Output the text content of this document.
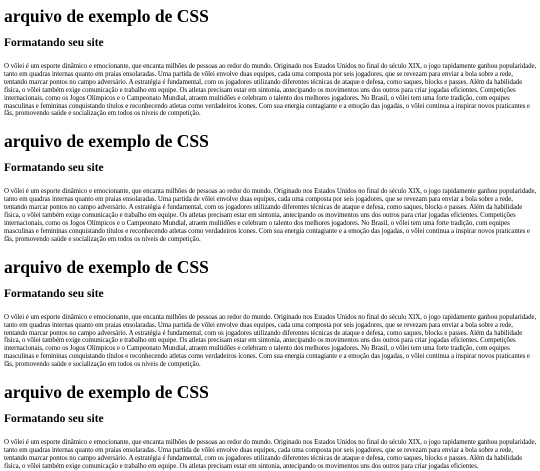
arquivo de exemplo de CSS
Formatando seu site

O vôlei é um esporte dinâmico e emocionante, que encanta milhões de pessoas ao redor do mundo. Originado nos Estados Unidos no final do século XIX, o jogo rapidamente ganhou popularidade, tanto em quadras internas quanto em praias ensolaradas. Uma partida de vôlei envolve duas equipes, cada uma composta por seis jogadores, que se revezam para enviar a bola sobre a rede, tentando marcar pontos no campo adversário. A estratégia é fundamental, com os jogadores utilizando diferentes técnicas de ataque e defesa, como saques, blocks e passes. Além da habilidade física, o vôlei também exige comunicação e trabalho em equipe. Os atletas precisam estar em sintonia, antecipando os movimentos uns dos outros para criar jogadas eficientes. Competições internacionais, como os Jogos Olímpicos e o Campeonato Mundial, atraem multidões e celebram o talento dos melhores jogadores. No Brasil, o vôlei tem uma forte tradição, com equipes masculinas e femininas conquistando títulos e reconhecendo atletas como verdadeiros ícones. Com sua energia contagiante e a emoção das jogadas, o vôlei continua a inspirar novos praticantes e fãs, promovendo saúde e socialização em todos os níveis de competição.

arquivo de exemplo de CSS
Formatando seu site

O vôlei é um esporte dinâmico e emocionante, que encanta milhões de pessoas ao redor do mundo. Originado nos Estados Unidos no final do século XIX, o jogo rapidamente ganhou popularidade, tanto em quadras internas quanto em praias ensolaradas. Uma partida de vôlei envolve duas equipes, cada uma composta por seis jogadores, que se revezam para enviar a bola sobre a rede, tentando marcar pontos no campo adversário. A estratégia é fundamental, com os jogadores utilizando diferentes técnicas de ataque e defesa, como saques, blocks e passes. Além da habilidade física, o vôlei também exige comunicação e trabalho em equipe. Os atletas precisam estar em sintonia, antecipando os movimentos uns dos outros para criar jogadas eficientes. Competições internacionais, como os Jogos Olímpicos e o Campeonato Mundial, atraem multidões e celebram o talento dos melhores jogadores. No Brasil, o vôlei tem uma forte tradição, com equipes masculinas e femininas conquistando títulos e reconhecendo atletas como verdadeiros ícones. Com sua energia contagiante e a emoção das jogadas, o vôlei continua a inspirar novos praticantes e fãs, promovendo saúde e socialização em todos os níveis de competição.

arquivo de exemplo de CSS
Formatando seu site

O vôlei é um esporte dinâmico e emocionante, que encanta milhões de pessoas ao redor do mundo. Originado nos Estados Unidos no final do século XIX, o jogo rapidamente ganhou popularidade, tanto em quadras internas quanto em praias ensolaradas. Uma partida de vôlei envolve duas equipes, cada uma composta por seis jogadores, que se revezam para enviar a bola sobre a rede, tentando marcar pontos no campo adversário. A estratégia é fundamental, com os jogadores utilizando diferentes técnicas de ataque e defesa, como saques, blocks e passes. Além da habilidade física, o vôlei também exige comunicação e trabalho em equipe. Os atletas precisam estar em sintonia, antecipando os movimentos uns dos outros para criar jogadas eficientes. Competições internacionais, como os Jogos Olímpicos e o Campeonato Mundial, atraem multidões e celebram o talento dos melhores jogadores. No Brasil, o vôlei tem uma forte tradição, com equipes masculinas e femininas conquistando títulos e reconhecendo atletas como verdadeiros ícones. Com sua energia contagiante e a emoção das jogadas, o vôlei continua a inspirar novos praticantes e fãs, promovendo saúde e socialização em todos os níveis de competição.

arquivo de exemplo de CSS
Formatando seu site

O vôlei é um esporte dinâmico e emocionante, que encanta milhões de pessoas ao redor do mundo. Originado nos Estados Unidos no final do século XIX, o jogo rapidamente ganhou popularidade, tanto em quadras internas quanto em praias ensolaradas. Uma partida de vôlei envolve duas equipes, cada uma composta por seis jogadores, que se revezam para enviar a bola sobre a rede, tentando marcar pontos no campo adversário. A estratégia é fundamental, com os jogadores utilizando diferentes técnicas de ataque e defesa, como saques, blocks e passes. Além da habilidade física, o vôlei também exige comunicação e trabalho em equipe. Os atletas precisam estar em sintonia, antecipando os movimentos uns dos outros para criar jogadas eficientes.
